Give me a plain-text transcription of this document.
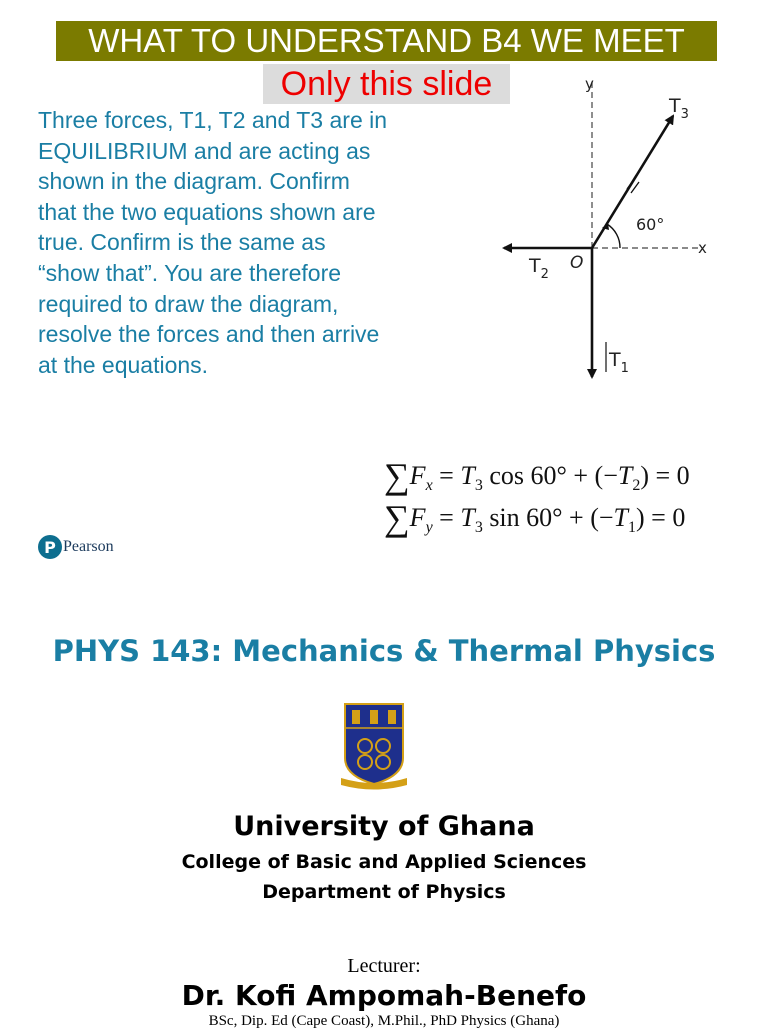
WHAT TO UNDERSTAND B4 WE MEET
Only this slide
Three forces, T1, T2 and T3 are in EQUILIBRIUM and are acting as shown in the diagram. Confirm that the two equations shown are true. Confirm is the same as “show that”. You are therefore required to draw the diagram, resolve the forces and then arrive at the equations.
y
x
O
60°
$T_3$
$T_2$
$T_1$
$\sum F_x = T_3$ $\cos 60^\circ + (-T_2) = 0$
$\sum F_y = T_3$ $\sin 60^\circ + (-T_1) = 0$
P Pearson
PHYS 143: Mechanics & Thermal Physics
University of Ghana
College of Basic and Applied Sciences
Department of Physics
Lecturer:
Dr. Kofi Ampomah-Benefo
BSc, Dip. Ed (Cape Coast), M.Phil., PhD Physics (Ghana)
